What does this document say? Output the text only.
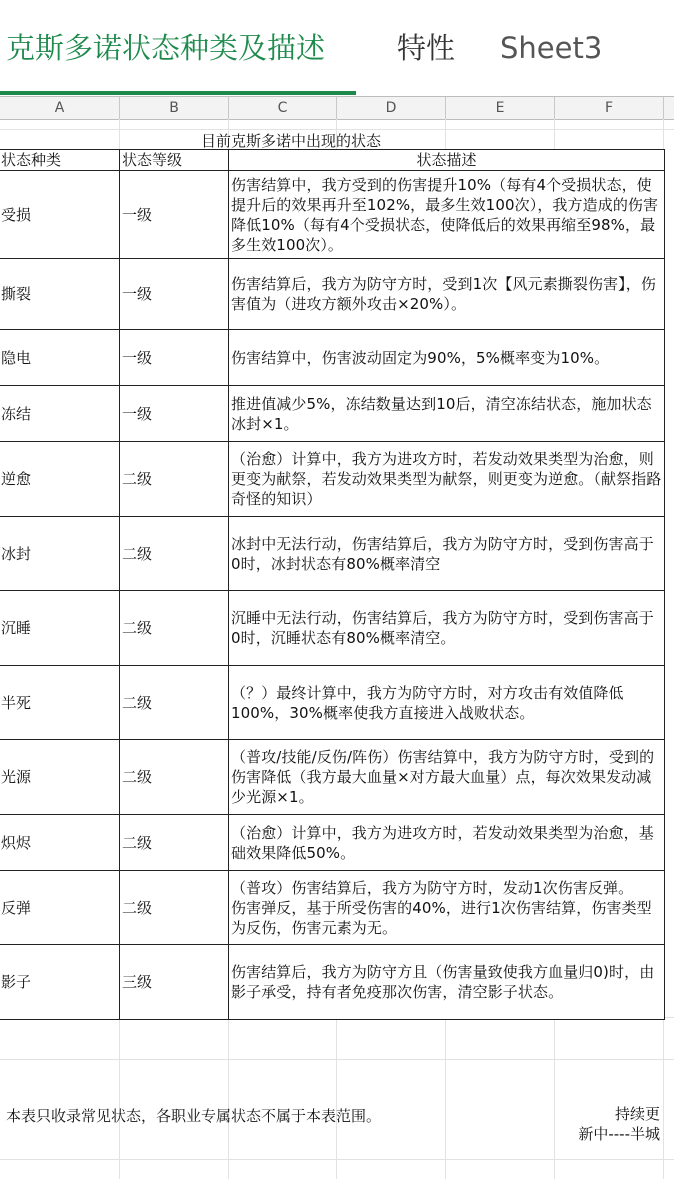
克斯多诺状态种类及描述 特性 Sheet3
A	B	C	D	E	F
目前克斯多诺中出现的状态
状态种类	状态等级	状态描述
受损	一级	伤害结算中，我方受到的伤害提升10%（每有4个受损状态，使提升后的效果再升至102%，最多生效100次），我方造成的伤害降低10%（每有4个受损状态，使降低后的效果再缩至98%，最多生效100次）。
撕裂	一级	伤害结算后，我方为防守方时，受到1次【风元素撕裂伤害】，伤害值为（进攻方额外攻击×20%）。
隐电	一级	伤害结算中，伤害波动固定为90%，5%概率变为10%。
冻结	一级	推进值减少5%，冻结数量达到10后，清空冻结状态，施加状态冰封×1。
逆愈	二级	（治愈）计算中，我方为进攻方时，若发动效果类型为治愈，则更变为献祭，若发动效果类型为献祭，则更变为逆愈。（献祭指路奇怪的知识）
冰封	二级	冰封中无法行动，伤害结算后，我方为防守方时，受到伤害高于0时，冰封状态有80%概率清空
沉睡	二级	沉睡中无法行动，伤害结算后，我方为防守方时，受到伤害高于0时，沉睡状态有80%概率清空。
半死	二级	（？）最终计算中，我方为防守方时，对方攻击有效值降低100%，30%概率使我方直接进入战败状态。
光源	二级	（普攻/技能/反伤/阵伤）伤害结算中，我方为防守方时，受到的伤害降低（我方最大血量×对方最大血量）点，每次效果发动减少光源×1。
炽烬	二级	（治愈）计算中，我方为进攻方时，若发动效果类型为治愈，基础效果降低50%。
反弹	二级	（普攻）伤害结算后，我方为防守方时，发动1次伤害反弹。　　伤害弹反，基于所受伤害的40%，进行1次伤害结算，伤害类型为反伤，伤害元素为无。
影子	三级	伤害结算后，我方为防守方且（伤害量致使我方血量归0)时，由影子承受，持有者免疫那次伤害，清空影子状态。
本表只收录常见状态，各职业专属状态不属于本表范围。	持续更
新中----半城
